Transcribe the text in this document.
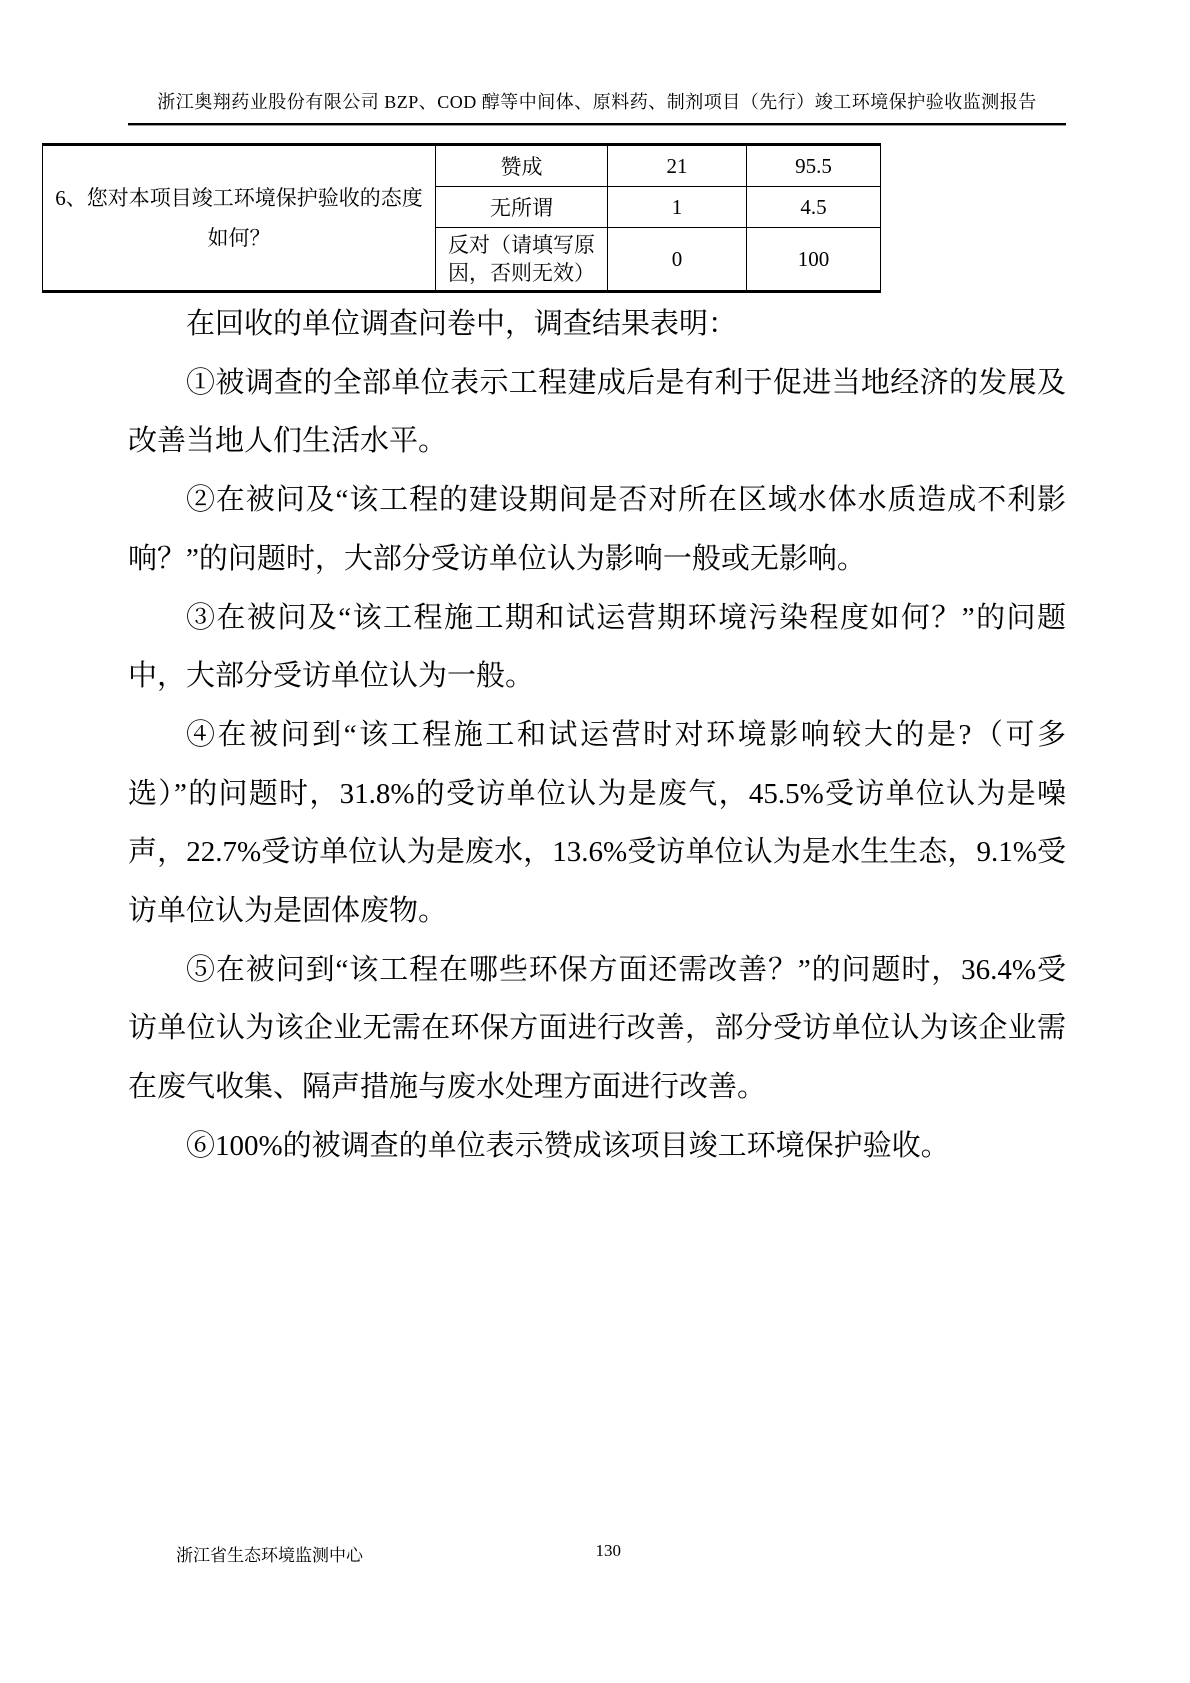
浙江奥翔药业股份有限公司 BZP、COD 醇等中间体、原料药、制剂项目（先行）竣工环境保护验收监测报告
6、您对本项目竣工环境保护验收的态度如何？	赞成	21	95.5
	无所谓	1	4.5
	反对（请填写原因，否则无效）	0	100

在回收的单位调查问卷中，调查结果表明：

①被调查的全部单位表示工程建成后是有利于促进当地经济的发展及改善当地人们生活水平。

②在被问及“该工程的建设期间是否对所在区域水体水质造成不利影响？”的问题时，大部分受访单位认为影响一般或无影响。

③在被问及“该工程施工期和试运营期环境污染程度如何？”的问题中，大部分受访单位认为一般。

④在被问到“该工程施工和试运营时对环境影响较大的是?（可多选）”的问题时，31.8%的受访单位认为是废气，45.5%受访单位认为是噪声，22.7%受访单位认为是废水，13.6%受访单位认为是水生生态，9.1%受访单位认为是固体废物。

⑤在被问到“该工程在哪些环保方面还需改善？”的问题时，36.4%受访单位认为该企业无需在环保方面进行改善，部分受访单位认为该企业需在废气收集、隔声措施与废水处理方面进行改善。

⑥100%的被调查的单位表示赞成该项目竣工环境保护验收。

浙江省生态环境监测中心	130
